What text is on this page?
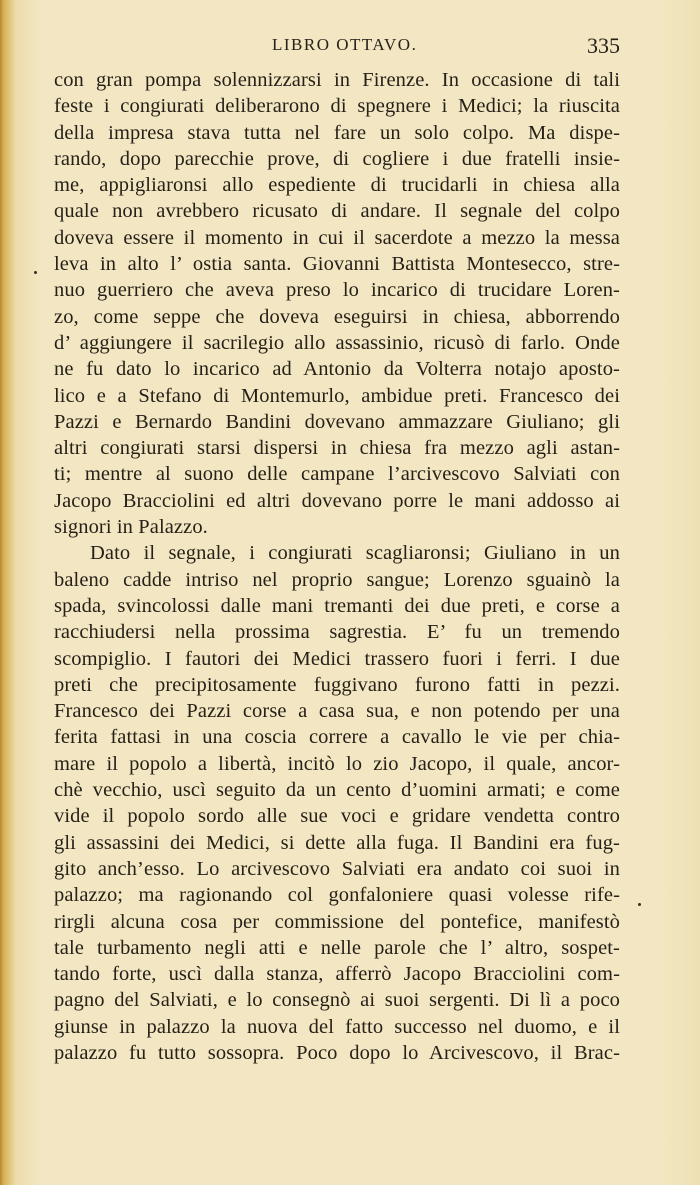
LIBRO OTTAVO.	335
con gran pompa solennizzarsi in Firenze. In occasione di tali
feste i congiurati deliberarono di spegnere i Medici; la riuscita
della impresa stava tutta nel fare un solo colpo. Ma dispe-
rando, dopo parecchie prove, di cogliere i due fratelli insie-
me, appigliaronsi allo espediente di trucidarli in chiesa alla
quale non avrebbero ricusato di andare. Il segnale del colpo
doveva essere il momento in cui il sacerdote a mezzo la messa
leva in alto l’ ostia santa. Giovanni Battista Montesecco, stre-
nuo guerriero che aveva preso lo incarico di trucidare Loren-
zo, come seppe che doveva eseguirsi in chiesa, abborrendo
d’ aggiungere il sacrilegio allo assassinio, ricusò di farlo. Onde
ne fu dato lo incarico ad Antonio da Volterra notajo aposto-
lico e a Stefano di Montemurlo, ambidue preti. Francesco dei
Pazzi e Bernardo Bandini dovevano ammazzare Giuliano; gli
altri congiurati starsi dispersi in chiesa fra mezzo agli astan-
ti; mentre al suono delle campane l’arcivescovo Salviati con
Jacopo Bracciolini ed altri dovevano porre le mani addosso ai
signori in Palazzo.
Dato il segnale, i congiurati scagliaronsi; Giuliano in un
baleno cadde intriso nel proprio sangue; Lorenzo sguainò la
spada, svincolossi dalle mani tremanti dei due preti, e corse a
racchiudersi nella prossima sagrestia. E’ fu un tremendo
scompiglio. I fautori dei Medici trassero fuori i ferri. I due
preti che precipitosamente fuggivano furono fatti in pezzi.
Francesco dei Pazzi corse a casa sua, e non potendo per una
ferita fattasi in una coscia correre a cavallo le vie per chia-
mare il popolo a libertà, incitò lo zio Jacopo, il quale, ancor-
chè vecchio, uscì seguito da un cento d’uomini armati; e come
vide il popolo sordo alle sue voci e gridare vendetta contro
gli assassini dei Medici, si dette alla fuga. Il Bandini era fug-
gito anch’esso. Lo arcivescovo Salviati era andato coi suoi in
palazzo; ma ragionando col gonfaloniere quasi volesse rife-
rirgli alcuna cosa per commissione del pontefice, manifestò
tale turbamento negli atti e nelle parole che l’ altro, sospet-
tando forte, uscì dalla stanza, afferrò Jacopo Bracciolini com-
pagno del Salviati, e lo consegnò ai suoi sergenti. Di lì a poco
giunse in palazzo la nuova del fatto successo nel duomo, e il
palazzo fu tutto sossopra. Poco dopo lo Arcivescovo, il Brac-
